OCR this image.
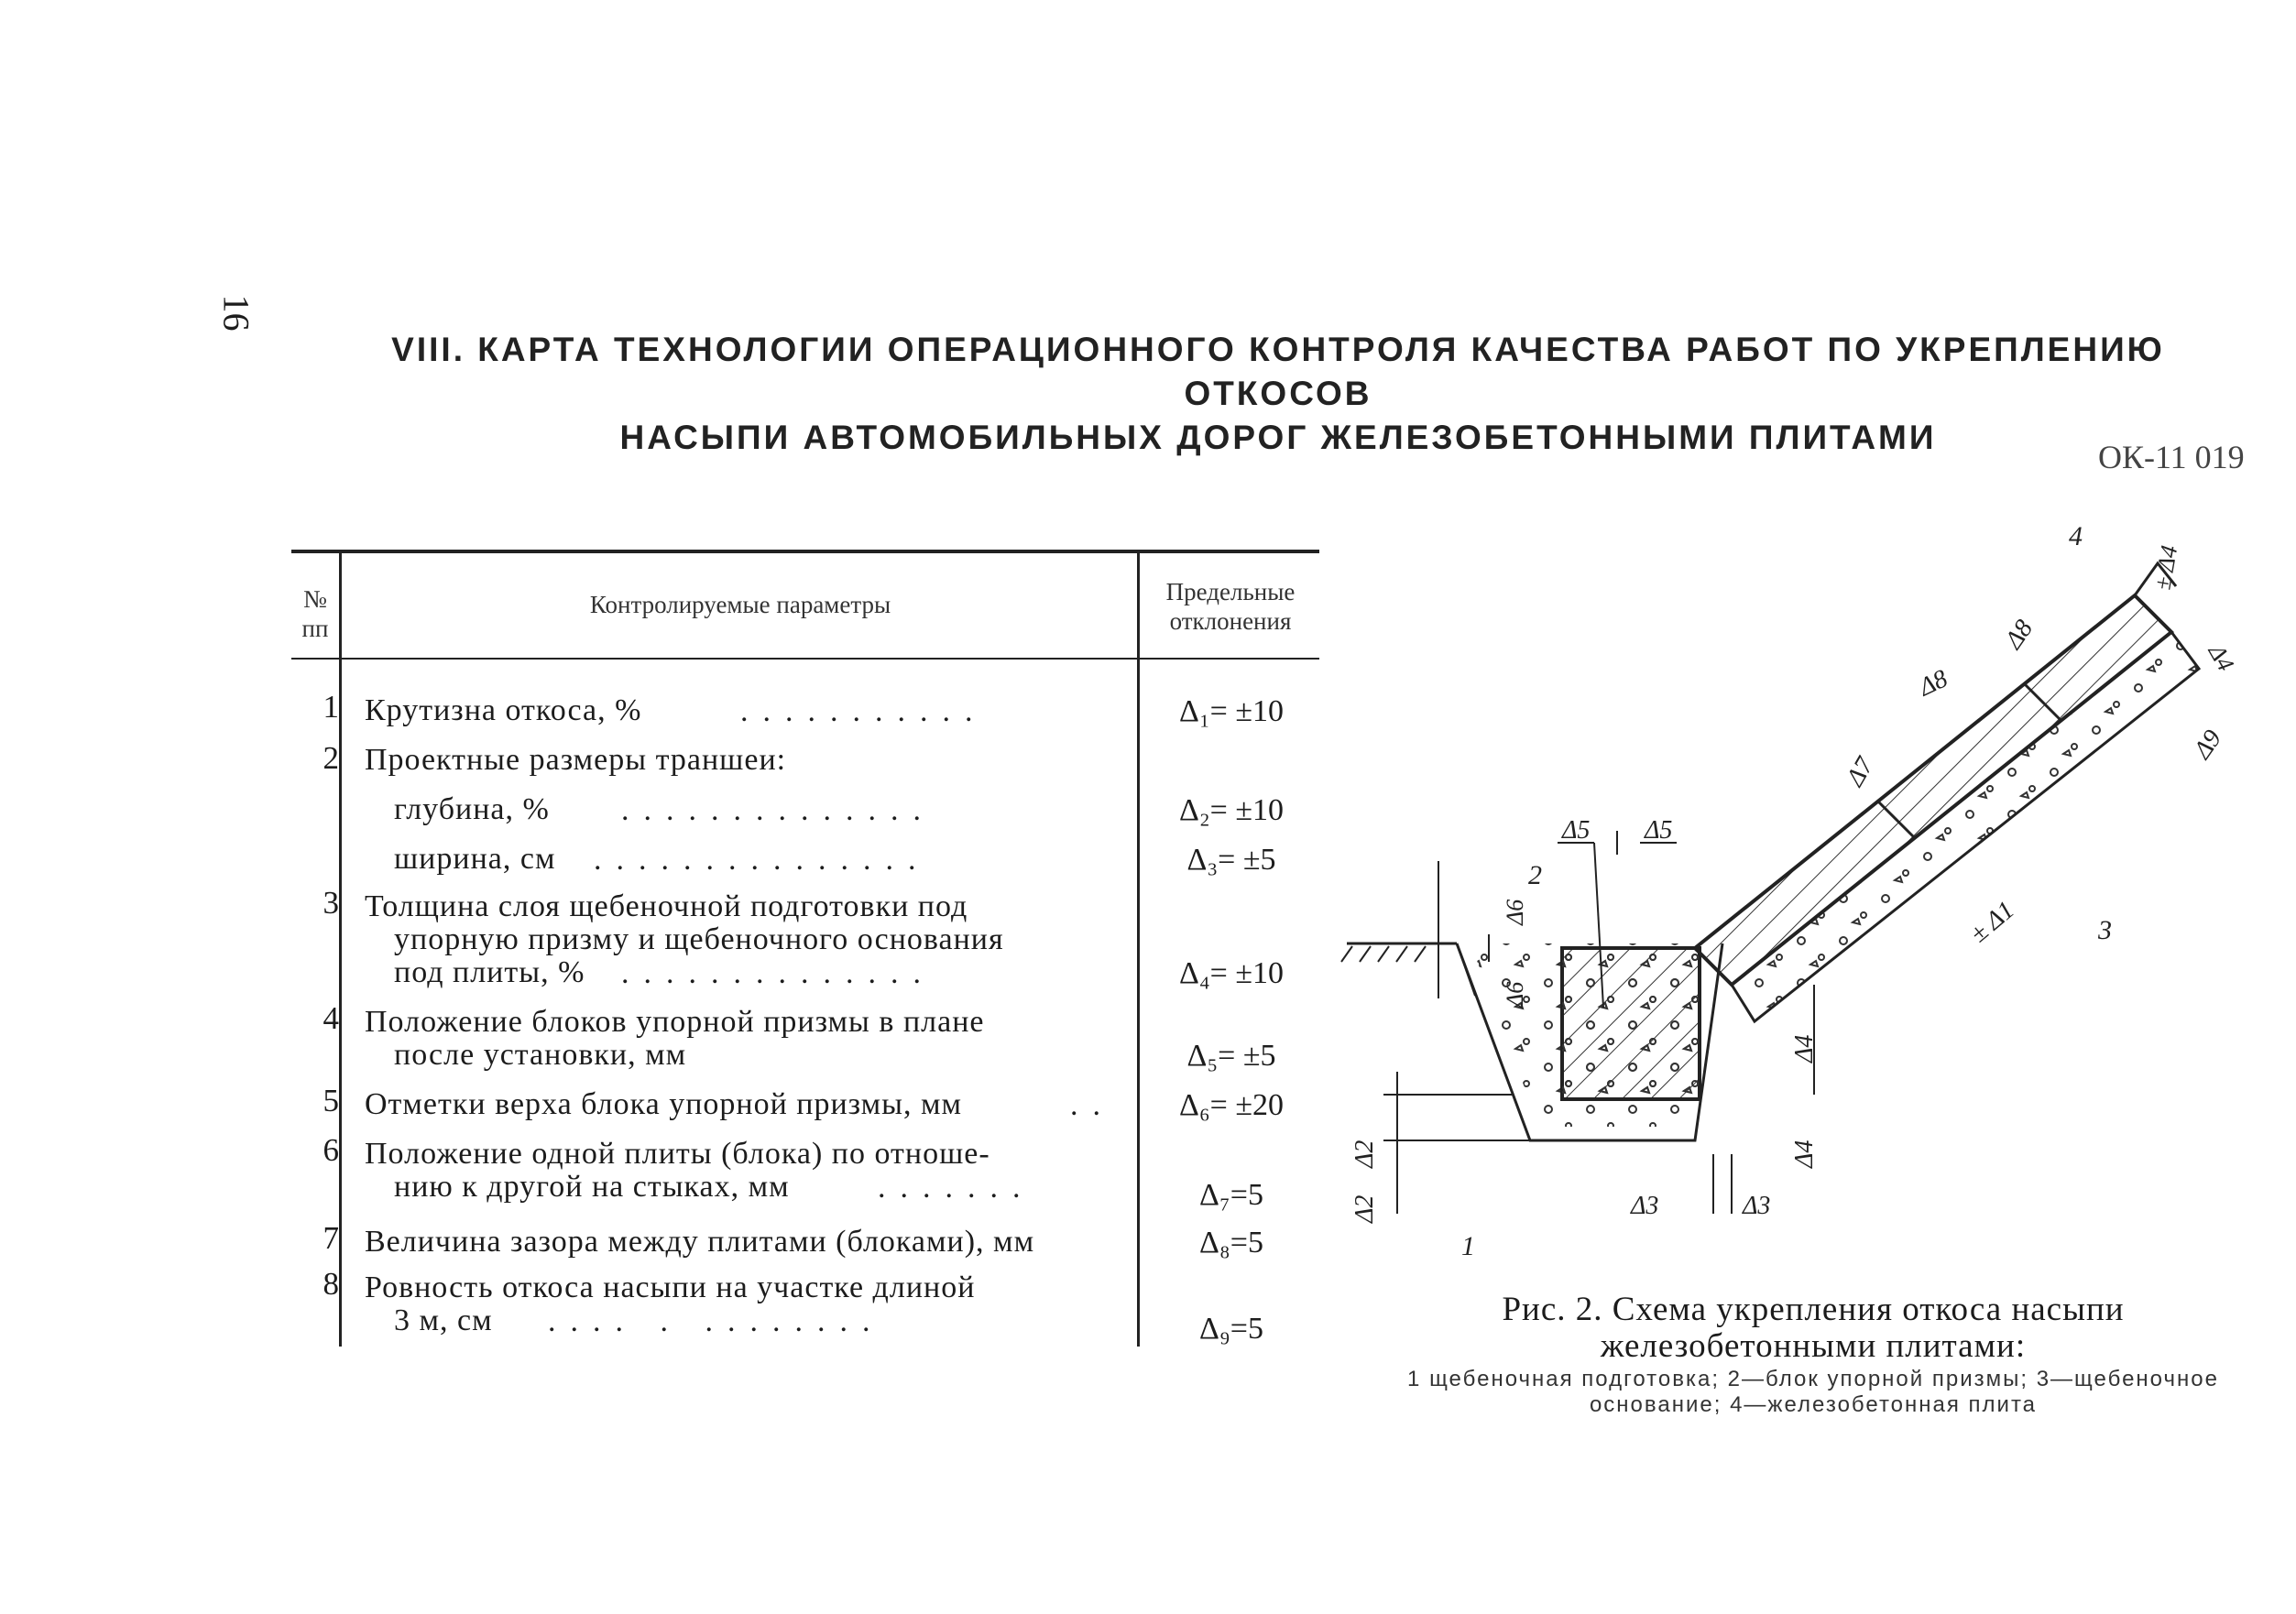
16
VIII. КАРТА ТЕХНОЛОГИИ ОПЕРАЦИОННОГО КОНТРОЛЯ КАЧЕСТВА РАБОТ ПО УКРЕПЛЕНИЮ ОТКОСОВ
НАСЫПИ АВТОМОБИЛЬНЫХ ДОРОГ ЖЕЛЕЗОБЕТОННЫМИ ПЛИТАМИ
ОК-11 019
№ пп
Контролируемые параметры	Предельные отклонения
1 Крутизна откоса, %	...........	Δ₁= ±10
2 Проектные размеры траншеи:
глубина, % ..............	Δ₂= ±10
ширина, см ...............	Δ₃= ±5
3 Толщина слоя щебеночной подготовки под
упорную призму и щебеночного основания
под плиты, % ..............	Δ₄= ±10
4 Положение блоков упорной призмы в плане
после установки, мм	Δ₅= ±5
5 Отметки верха блока упорной призмы, мм	..	Δ₆= ±20
6 Положение одной плиты (блока) по отноше-
нию к другой на стыках, мм	.......	Δ₇=5
7 Величина зазора между плитами (блоками), мм	Δ₈=5
8 Ровность откоса насыпи на участке длиной
3 м, см .... . ........	Δ₉=5
1
2
3
4
Δ2
Δ2	Δ3	Δ3
Δ4
Δ4
Δ5 Δ5
Δ6
Δ6
Δ7
Δ8
Δ8
Δ9
± Δ1
± Δ4
Δ4
Рис. 2. Схема укрепления откоса насыпи железобетонными плитами:
1 щебеночная подготовка; 2—блок упорной призмы; 3—щебеночное основание; 4—железобетонная плита
